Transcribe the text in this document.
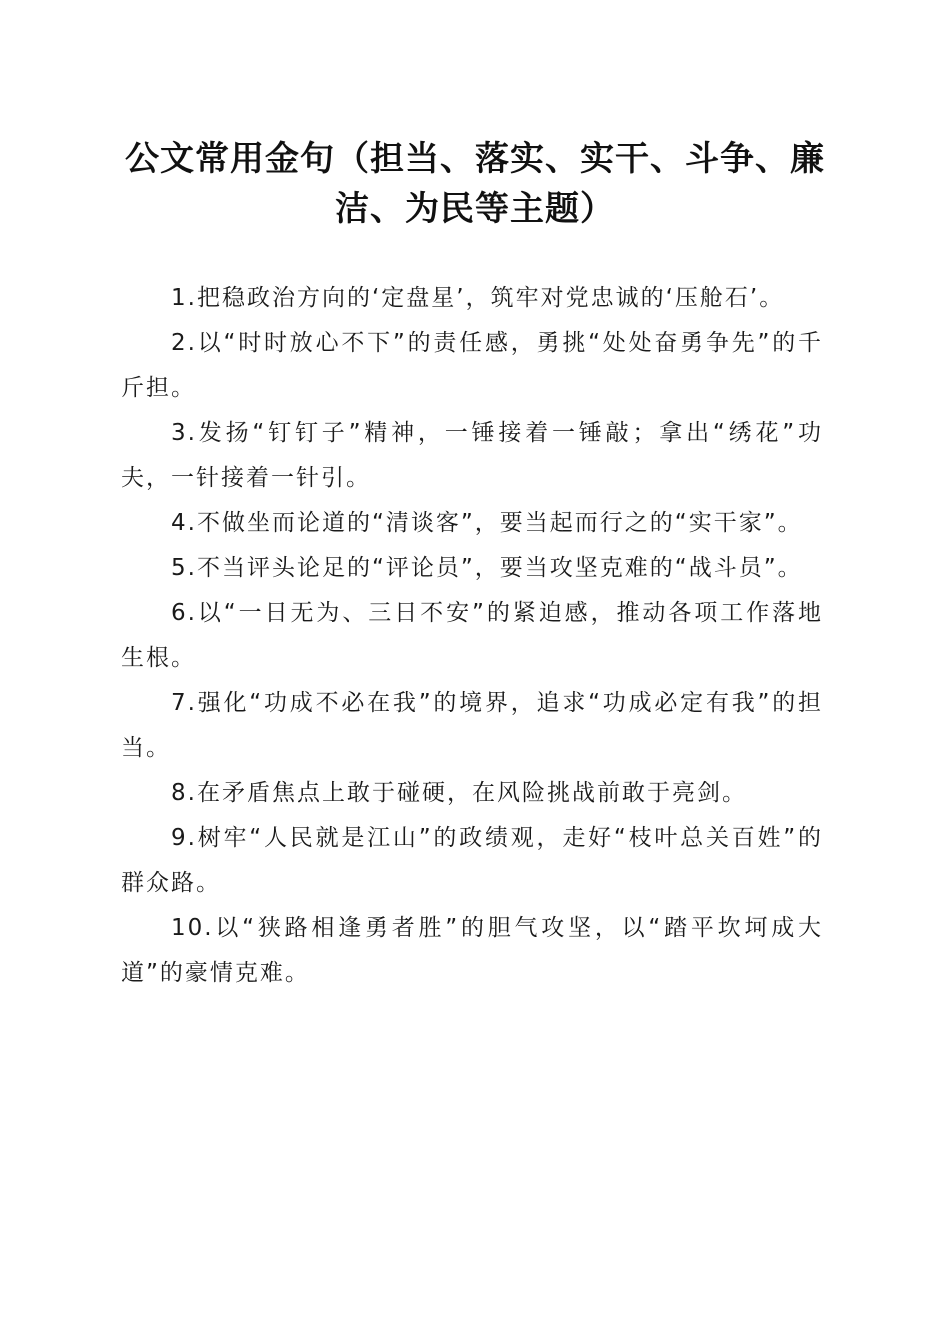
公文常用金句（担当、落实、实干、斗争、廉
洁、为民等主题）

1.把稳政治方向的‘定盘星’，筑牢对党忠诚的‘压舱石’。

2.以“时时放心不下”的责任感，勇挑“处处奋勇争先”的千斤担。

3.发扬“钉钉子”精神，一锤接着一锤敲；拿出“绣花”功夫，一针接着一针引。

4.不做坐而论道的“清谈客”，要当起而行之的“实干家”。

5.不当评头论足的“评论员”，要当攻坚克难的“战斗员”。

6.以“一日无为、三日不安”的紧迫感，推动各项工作落地生根。

7.强化“功成不必在我”的境界，追求“功成必定有我”的担当。

8.在矛盾焦点上敢于碰硬，在风险挑战前敢于亮剑。

9.树牢“人民就是江山”的政绩观，走好“枝叶总关百姓”的群众路。

10.以“狭路相逢勇者胜”的胆气攻坚，以“踏平坎坷成大道”的豪情克难。
